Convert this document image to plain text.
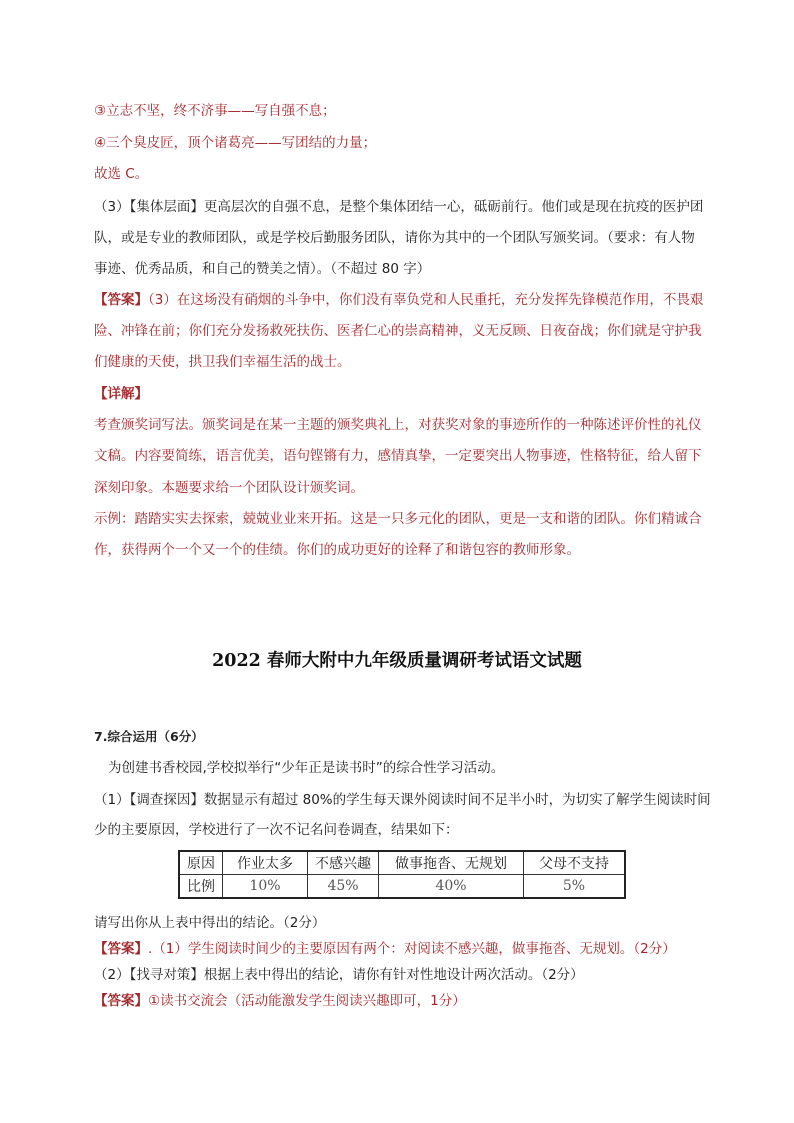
③立志不坚，终不济事——写自强不息；
④三个臭皮匠，顶个诸葛亮——写团结的力量；
故选 C。
（3）【集体层面】更高层次的自强不息，是整个集体团结一心，砥砺前行。他们或是现在抗疫的医护团
队，或是专业的教师团队，或是学校后勤服务团队，请你为其中的一个团队写颁奖词。（要求：有人物
事迹、优秀品质，和自己的赞美之情）。（不超过 80 字）
【答案】（3）在这场没有硝烟的斗争中，你们没有辜负党和人民重托，充分发挥先锋模范作用，不畏艰
险、冲锋在前；你们充分发扬救死扶伤、医者仁心的崇高精神，义无反顾、日夜奋战；你们就是守护我
们健康的天使，拱卫我们幸福生活的战士。
【详解】
考查颁奖词写法。颁奖词是在某一主题的颁奖典礼上，对获奖对象的事迹所作的一种陈述评价性的礼仪
文稿。内容要简练，语言优美，语句铿锵有力，感情真挚，一定要突出人物事迹，性格特征，给人留下
深刻印象。本题要求给一个团队设计颁奖词。
示例：踏踏实实去探索，兢兢业业来开拓。这是一只多元化的团队，更是一支和谐的团队。你们精诚合
作，获得两个一个又一个的佳绩。你们的成功更好的诠释了和谐包容的教师形象。
2022 春师大附中九年级质量调研考试语文试题
7.综合运用（6分）
为创建书香校园,学校拟举行“少年正是读书时”的综合性学习活动。
（1）【调查探因】数据显示有超过 80%的学生每天课外阅读时间不足半小时，为切实了解学生阅读时间
少的主要原因，学校进行了一次不记名问卷调查，结果如下：
原因	作业太多	不感兴趣	做事拖沓、无规划	父母不支持
比例	10%	45%	40%	5%
请写出你从上表中得出的结论。（2分）
【答案】.（1）学生阅读时间少的主要原因有两个：对阅读不感兴趣，做事拖沓、无规划。（2分）
（2）【找寻对策】根据上表中得出的结论，请你有针对性地设计两次活动。（2分）
【答案】①读书交流会（活动能激发学生阅读兴趣即可，1分）
